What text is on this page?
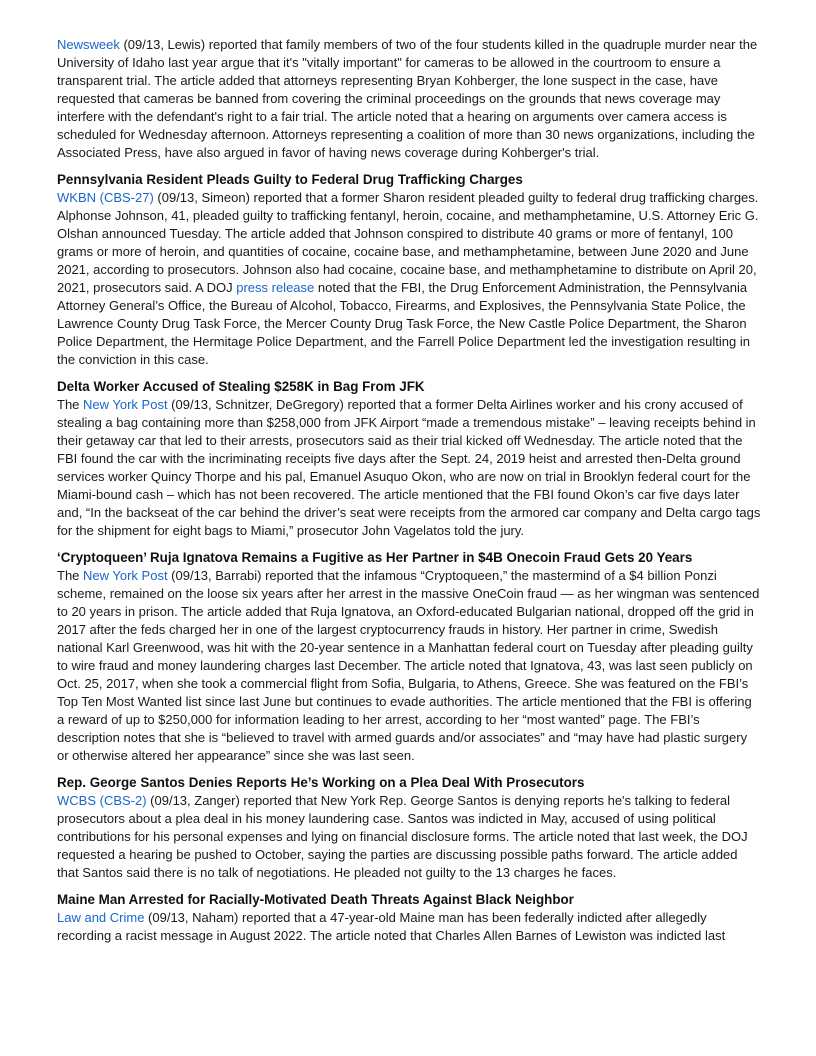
Newsweek (09/13, Lewis) reported that family members of two of the four students killed in the quadruple murder near the University of Idaho last year argue that it's "vitally important" for cameras to be allowed in the courtroom to ensure a transparent trial. The article added that attorneys representing Bryan Kohberger, the lone suspect in the case, have requested that cameras be banned from covering the criminal proceedings on the grounds that news coverage may interfere with the defendant's right to a fair trial. The article noted that a hearing on arguments over camera access is scheduled for Wednesday afternoon. Attorneys representing a coalition of more than 30 news organizations, including the Associated Press, have also argued in favor of having news coverage during Kohberger's trial.

Pennsylvania Resident Pleads Guilty to Federal Drug Trafficking Charges

WKBN (CBS-27) (09/13, Simeon) reported that a former Sharon resident pleaded guilty to federal drug trafficking charges. Alphonse Johnson, 41, pleaded guilty to trafficking fentanyl, heroin, cocaine, and methamphetamine, U.S. Attorney Eric G. Olshan announced Tuesday. The article added that Johnson conspired to distribute 40 grams or more of fentanyl, 100 grams or more of heroin, and quantities of cocaine, cocaine base, and methamphetamine, between June 2020 and June 2021, according to prosecutors. Johnson also had cocaine, cocaine base, and methamphetamine to distribute on April 20, 2021, prosecutors said. A DOJ press release noted that the FBI, the Drug Enforcement Administration, the Pennsylvania Attorney General’s Office, the Bureau of Alcohol, Tobacco, Firearms, and Explosives, the Pennsylvania State Police, the Lawrence County Drug Task Force, the Mercer County Drug Task Force, the New Castle Police Department, the Sharon Police Department, the Hermitage Police Department, and the Farrell Police Department led the investigation resulting in the conviction in this case.

Delta Worker Accused of Stealing $258K in Bag From JFK

The New York Post (09/13, Schnitzer, DeGregory) reported that a former Delta Airlines worker and his crony accused of stealing a bag containing more than $258,000 from JFK Airport “made a tremendous mistake” – leaving receipts behind in their getaway car that led to their arrests, prosecutors said as their trial kicked off Wednesday. The article noted that the FBI found the car with the incriminating receipts five days after the Sept. 24, 2019 heist and arrested then-Delta ground services worker Quincy Thorpe and his pal, Emanuel Asuquo Okon, who are now on trial in Brooklyn federal court for the Miami-bound cash – which has not been recovered. The article mentioned that the FBI found Okon’s car five days later and, “In the backseat of the car behind the driver’s seat were receipts from the armored car company and Delta cargo tags for the shipment for eight bags to Miami,” prosecutor John Vagelatos told the jury.

‘Cryptoqueen’ Ruja Ignatova Remains a Fugitive as Her Partner in $4B Onecoin Fraud Gets 20 Years

The New York Post (09/13, Barrabi) reported that the infamous “Cryptoqueen,” the mastermind of a $4 billion Ponzi scheme, remained on the loose six years after her arrest in the massive OneCoin fraud — as her wingman was sentenced to 20 years in prison. The article added that Ruja Ignatova, an Oxford-educated Bulgarian national, dropped off the grid in 2017 after the feds charged her in one of the largest cryptocurrency frauds in history. Her partner in crime, Swedish national Karl Greenwood, was hit with the 20-year sentence in a Manhattan federal court on Tuesday after pleading guilty to wire fraud and money laundering charges last December. The article noted that Ignatova, 43, was last seen publicly on Oct. 25, 2017, when she took a commercial flight from Sofia, Bulgaria, to Athens, Greece. She was featured on the FBI’s Top Ten Most Wanted list since last June but continues to evade authorities. The article mentioned that the FBI is offering a reward of up to $250,000 for information leading to her arrest, according to her “most wanted” page. The FBI’s description notes that she is “believed to travel with armed guards and/or associates” and “may have had plastic surgery or otherwise altered her appearance” since she was last seen.

Rep. George Santos Denies Reports He’s Working on a Plea Deal With Prosecutors

WCBS (CBS-2) (09/13, Zanger) reported that New York Rep. George Santos is denying reports he's talking to federal prosecutors about a plea deal in his money laundering case. Santos was indicted in May, accused of using political contributions for his personal expenses and lying on financial disclosure forms. The article noted that last week, the DOJ requested a hearing be pushed to October, saying the parties are discussing possible paths forward. The article added that Santos said there is no talk of negotiations. He pleaded not guilty to the 13 charges he faces.

Maine Man Arrested for Racially-Motivated Death Threats Against Black Neighbor

Law and Crime (09/13, Naham) reported that a 47-year-old Maine man has been federally indicted after allegedly recording a racist message in August 2022. The article noted that Charles Allen Barnes of Lewiston was indicted last
